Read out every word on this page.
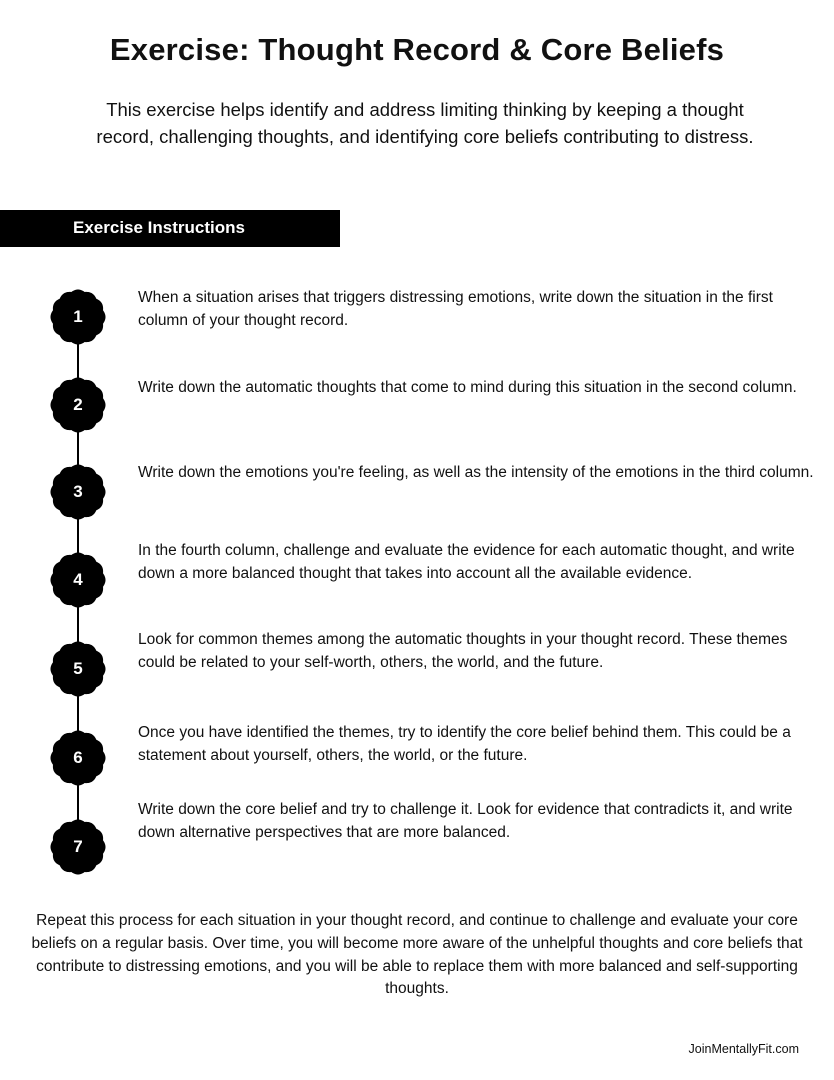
Exercise: Thought Record & Core Beliefs
This exercise helps identify and address limiting thinking by keeping a thought record, challenging thoughts, and identifying core beliefs contributing to distress.
Exercise Instructions
1
When a situation arises that triggers distressing emotions, write down the situation in the first column of your thought record.
2
Write down the automatic thoughts that come to mind during this situation in the second column.
3
Write down the emotions you're feeling, as well as the intensity of the emotions in the third column.
4
In the fourth column, challenge and evaluate the evidence for each automatic thought, and write down a more balanced thought that takes into account all the available evidence.
5
Look for common themes among the automatic thoughts in your thought record. These themes could be related to your self-worth, others, the world, and the future.
6
Once you have identified the themes, try to identify the core belief behind them. This could be a statement about yourself, others, the world, or the future.
7
Write down the core belief and try to challenge it. Look for evidence that contradicts it, and write down alternative perspectives that are more balanced.
Repeat this process for each situation in your thought record, and continue to challenge and evaluate your core beliefs on a regular basis. Over time, you will become more aware of the unhelpful thoughts and core beliefs that contribute to distressing emotions, and you will be able to replace them with more balanced and self-supporting thoughts.
JoinMentallyFit.com
